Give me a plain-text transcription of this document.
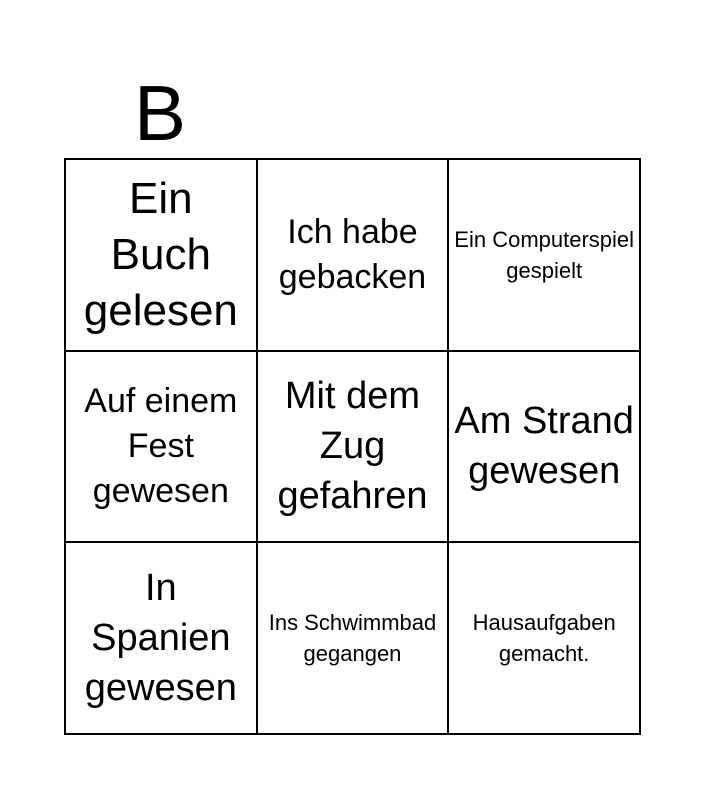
B
Ein Buch gelesen
Ich habe gebacken
Ein Computerspiel gespielt
Auf einem Fest gewesen
Mit dem Zug gefahren
Am Strand gewesen
In Spanien gewesen
Ins Schwimmbad gegangen
Hausaufgaben gemacht.
